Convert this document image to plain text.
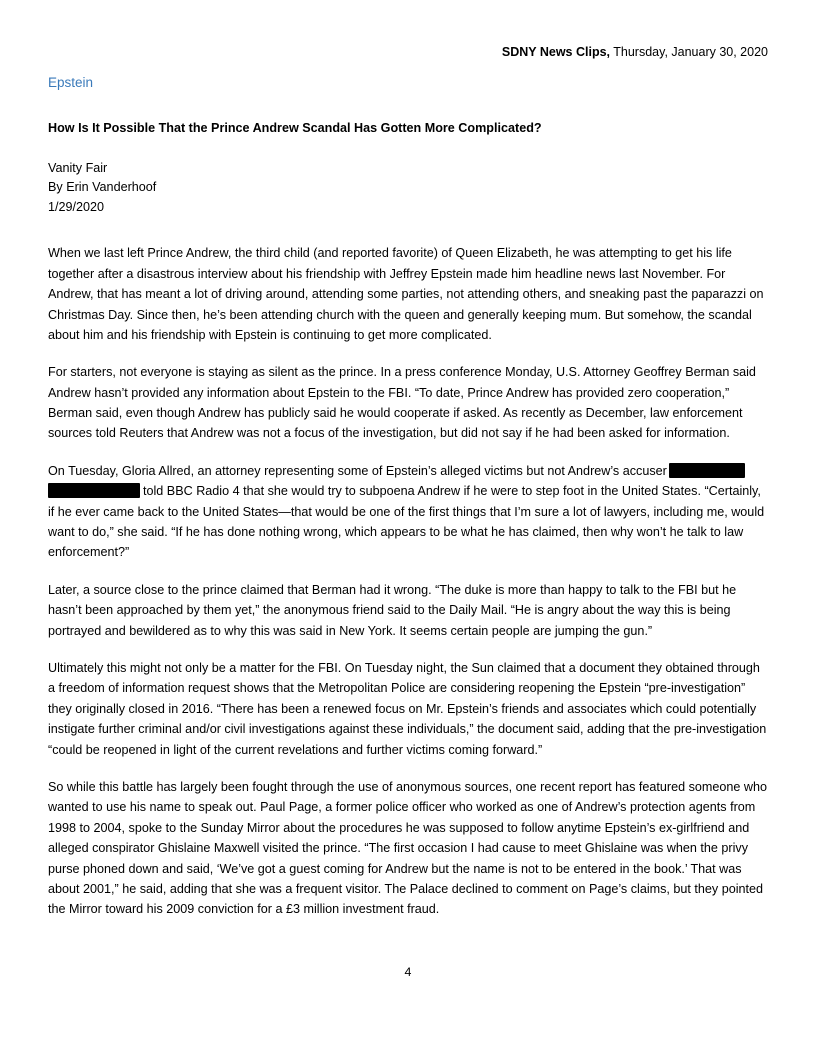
SDNY News Clips, Thursday, January 30, 2020
Epstein
How Is It Possible That the Prince Andrew Scandal Has Gotten More Complicated?
Vanity Fair
By Erin Vanderhoof
1/29/2020

When we last left Prince Andrew, the third child (and reported favorite) of Queen Elizabeth, he was attempting to get his life together after a disastrous interview about his friendship with Jeffrey Epstein made him headline news last November. For Andrew, that has meant a lot of driving around, attending some parties, not attending others, and sneaking past the paparazzi on Christmas Day. Since then, he’s been attending church with the queen and generally keeping mum. But somehow, the scandal about him and his friendship with Epstein is continuing to get more complicated.

For starters, not everyone is staying as silent as the prince. In a press conference Monday, U.S. Attorney Geoffrey Berman said Andrew hasn’t provided any information about Epstein to the FBI. “To date, Prince Andrew has provided zero cooperation,” Berman said, even though Andrew has publicly said he would cooperate if asked. As recently as December, law enforcement sources told Reuters that Andrew was not a focus of the investigation, but did not say if he had been asked for information.

On Tuesday, Gloria Allred, an attorney representing some of Epstein’s alleged victims but not Andrew’s accusertold BBC Radio 4 that she would try to subpoena Andrew if he were to step foot in the United States. “Certainly, if he ever came back to the United States—that would be one of the first things that I’m sure a lot of lawyers, including me, would want to do,” she said. “If he has done nothing wrong, which appears to be what he has claimed, then why won’t he talk to law enforcement?”

Later, a source close to the prince claimed that Berman had it wrong. “The duke is more than happy to talk to the FBI but he hasn’t been approached by them yet,” the anonymous friend said to the Daily Mail. “He is angry about the way this is being portrayed and bewildered as to why this was said in New York. It seems certain people are jumping the gun.”

Ultimately this might not only be a matter for the FBI. On Tuesday night, the Sun claimed that a document they obtained through a freedom of information request shows that the Metropolitan Police are considering reopening the Epstein “pre-investigation” they originally closed in 2016. “There has been a renewed focus on Mr. Epstein’s friends and associates which could potentially instigate further criminal and/or civil investigations against these individuals,” the document said, adding that the pre-investigation “could be reopened in light of the current revelations and further victims coming forward.”

So while this battle has largely been fought through the use of anonymous sources, one recent report has featured someone who wanted to use his name to speak out. Paul Page, a former police officer who worked as one of Andrew’s protection agents from 1998 to 2004, spoke to the Sunday Mirror about the procedures he was supposed to follow anytime Epstein’s ex-girlfriend and alleged conspirator Ghislaine Maxwell visited the prince. “The first occasion I had cause to meet Ghislaine was when the privy purse phoned down and said, ‘We’ve got a guest coming for Andrew but the name is not to be entered in the book.’ That was about 2001,” he said, adding that she was a frequent visitor. The Palace declined to comment on Page’s claims, but they pointed the Mirror toward his 2009 conviction for a £3 million investment fraud.

4
